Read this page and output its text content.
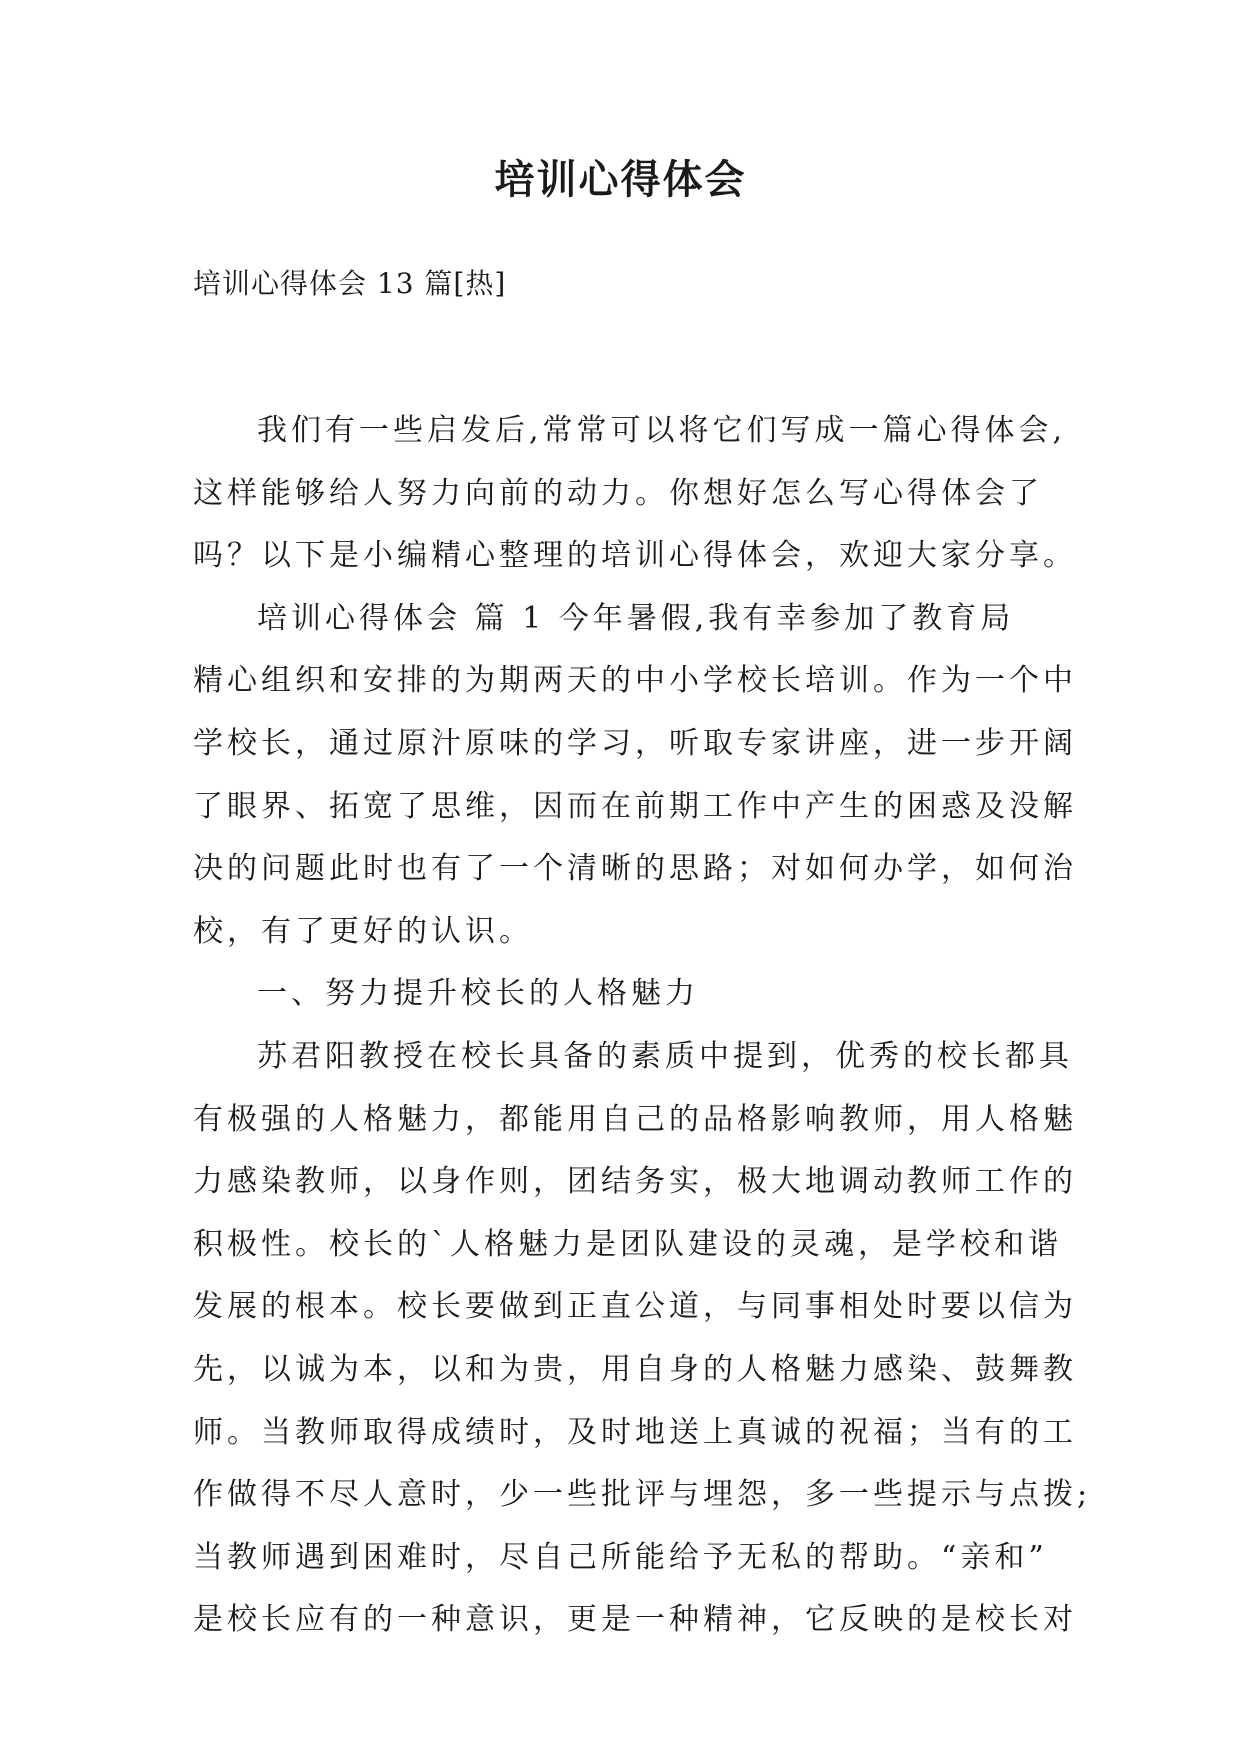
培训心得体会
培训心得体会 13 篇[热]
我们有一些启发后,常常可以将它们写成一篇心得体会,
这样能够给人努力向前的动力。你想好怎么写心得体会了
吗？以下是小编精心整理的培训心得体会，欢迎大家分享。
培训心得体会 篇 1 今年暑假,我有幸参加了教育局
精心组织和安排的为期两天的中小学校长培训。作为一个中
学校长，通过原汁原味的学习，听取专家讲座，进一步开阔
了眼界、拓宽了思维，因而在前期工作中产生的困惑及没解
决的问题此时也有了一个清晰的思路；对如何办学，如何治
校，有了更好的认识。
一、努力提升校长的人格魅力
苏君阳教授在校长具备的素质中提到，优秀的校长都具
有极强的人格魅力，都能用自己的品格影响教师，用人格魅
力感染教师，以身作则，团结务实，极大地调动教师工作的
积极性。校长的`人格魅力是团队建设的灵魂，是学校和谐
发展的根本。校长要做到正直公道，与同事相处时要以信为
先，以诚为本，以和为贵，用自身的人格魅力感染、鼓舞教
师。当教师取得成绩时，及时地送上真诚的祝福；当有的工
作做得不尽人意时，少一些批评与埋怨，多一些提示与点拨;
当教师遇到困难时，尽自己所能给予无私的帮助。“亲和”
是校长应有的一种意识，更是一种精神，它反映的是校长对
